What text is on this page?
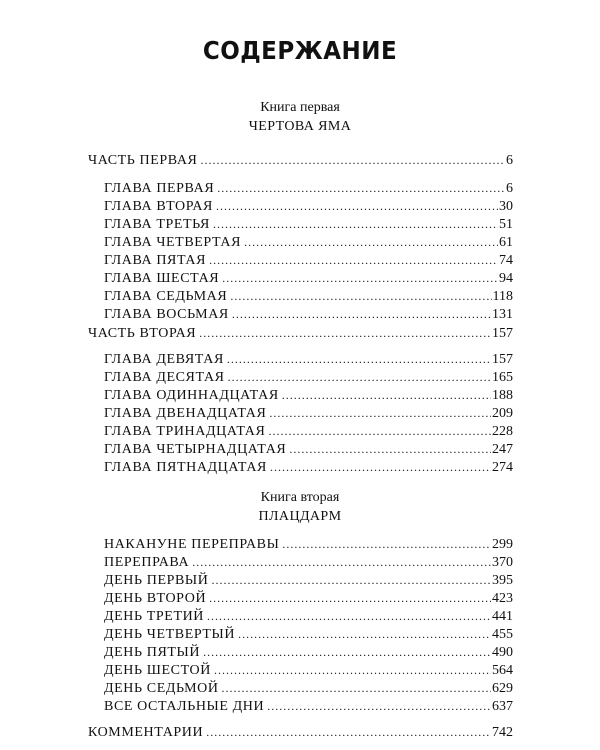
СОДЕРЖАНИЕ
Книга первая
ЧЕРТОВА ЯМА
ЧАСТЬ ПЕРВАЯ .....	6
ГЛАВА ПЕРВАЯ .....	6
ГЛАВА ВТОРАЯ .....	30
ГЛАВА ТРЕТЬЯ .....	51
ГЛАВА ЧЕТВЕРТАЯ .....	61
ГЛАВА ПЯТАЯ .....	74
ГЛАВА ШЕСТАЯ .....	94
ГЛАВА СЕДЬМАЯ .....	118
ГЛАВА ВОСЬМАЯ .....	131
ЧАСТЬ ВТОРАЯ .....	157
ГЛАВА ДЕВЯТАЯ .....	157
ГЛАВА ДЕСЯТАЯ .....	165
ГЛАВА ОДИННАДЦАТАЯ .....	188
ГЛАВА ДВЕНАДЦАТАЯ .....	209
ГЛАВА ТРИНАДЦАТАЯ .....	228
ГЛАВА ЧЕТЫРНАДЦАТАЯ .....	247
ГЛАВА ПЯТНАДЦАТАЯ .....	274
Книга вторая
ПЛАЦДАРМ
НАКАНУНЕ ПЕРЕПРАВЫ .....	299
ПЕРЕПРАВА .....	370
ДЕНЬ ПЕРВЫЙ .....	395
ДЕНЬ ВТОРОЙ .....	423
ДЕНЬ ТРЕТИЙ .....	441
ДЕНЬ ЧЕТВЕРТЫЙ .....	455
ДЕНЬ ПЯТЫЙ .....	490
ДЕНЬ ШЕСТОЙ .....	564
ДЕНЬ СЕДЬМОЙ .....	629
ВСЕ ОСТАЛЬНЫЕ ДНИ .....	637
КОММЕНТАРИИ .....	742
